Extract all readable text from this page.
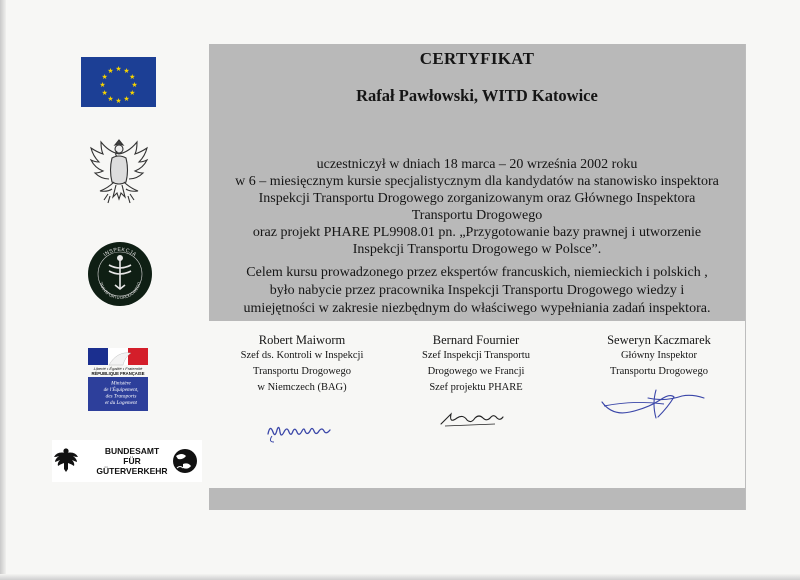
★ ★
★
★
★
★
★
★
★
★
★
★
INSPEKCJA
TRANSPORTU DROGOWEGO
Liberté • Égalité • Fraternité
RÉPUBLIQUE FRANÇAISE
Ministère
de l'Équipement,
des Transports
et du Logement
BUNDESAMT
FÜR
GÜTERVERKEHR
CERTYFIKAT
Rafał Pawłowski, WITD Katowice
uczestniczył w dniach 18 marca – 20 września 2002 roku
w 6 – miesięcznym kursie specjalistycznym dla kandydatów na stanowisko inspektora
Inspekcji Transportu Drogowego zorganizowanym oraz Głównego Inspektora
Transportu Drogowego
oraz projekt PHARE PL9908.01 pn. „Przygotowanie bazy prawnej i utworzenie
Inspekcji Transportu Drogowego w Polsce”.
Celem kursu prowadzonego przez ekspertów francuskich, niemieckich i polskich ,
było nabycie przez pracownika Inspekcji Transportu Drogowego wiedzy i
umiejętności w zakresie niezbędnym do właściwego wypełniania zadań inspektora.
Robert Maiworm
Szef ds. Kontroli w Inspekcji
Transportu Drogowego
w Niemczech (BAG)
Bernard Fournier
Szef Inspekcji Transportu
Drogowego we Francji
Szef projektu PHARE
Seweryn Kaczmarek
Główny Inspektor
Transportu Drogowego
